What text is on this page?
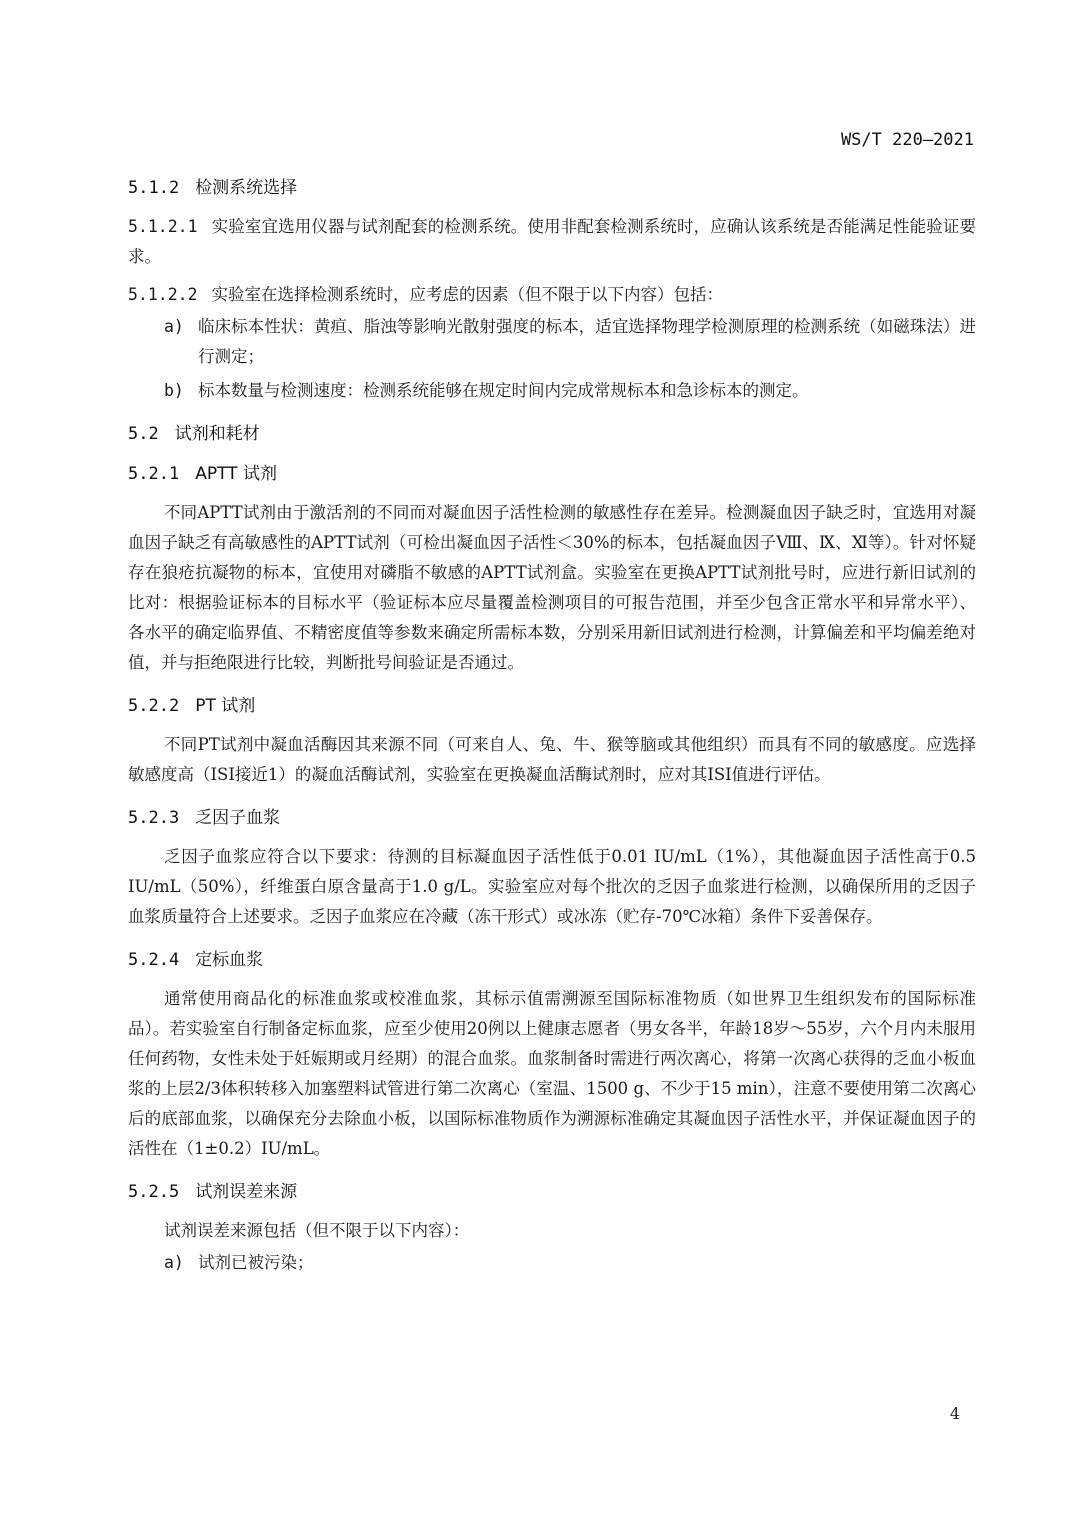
WS/T 220—2021
5.1.2 检测系统选择
5.1.2.1 实验室宜选用仪器与试剂配套的检测系统。使用非配套检测系统时，应确认该系统是否能满足性能验证要求。
5.1.2.2 实验室在选择检测系统时，应考虑的因素（但不限于以下内容）包括：
a) 临床标本性状：黄疸、脂浊等影响光散射强度的标本，适宜选择物理学检测原理的检测系统（如磁珠法）进行测定；
b) 标本数量与检测速度：检测系统能够在规定时间内完成常规标本和急诊标本的测定。
5.2 试剂和耗材
5.2.1 APTT 试剂
不同APTT试剂由于激活剂的不同而对凝血因子活性检测的敏感性存在差异。检测凝血因子缺乏时，宜选用对凝血因子缺乏有高敏感性的APTT试剂（可检出凝血因子活性＜30%的标本，包括凝血因子Ⅷ、Ⅸ、Ⅺ等）。针对怀疑存在狼疮抗凝物的标本，宜使用对磷脂不敏感的APTT试剂盒。实验室在更换APTT试剂批号时，应进行新旧试剂的比对：根据验证标本的目标水平（验证标本应尽量覆盖检测项目的可报告范围，并至少包含正常水平和异常水平）、各水平的确定临界值、不精密度值等参数来确定所需标本数，分别采用新旧试剂进行检测，计算偏差和平均偏差绝对值，并与拒绝限进行比较，判断批号间验证是否通过。
5.2.2 PT 试剂
不同PT试剂中凝血活酶因其来源不同（可来自人、兔、牛、猴等脑或其他组织）而具有不同的敏感度。应选择敏感度高（ISI接近1）的凝血活酶试剂，实验室在更换凝血活酶试剂时，应对其ISI值进行评估。
5.2.3 乏因子血浆
乏因子血浆应符合以下要求：待测的目标凝血因子活性低于0.01 IU/mL（1%），其他凝血因子活性高于0.5 IU/mL（50%），纤维蛋白原含量高于1.0 g/L。实验室应对每个批次的乏因子血浆进行检测，以确保所用的乏因子血浆质量符合上述要求。乏因子血浆应在冷藏（冻干形式）或冰冻（贮存-70℃冰箱）条件下妥善保存。
5.2.4 定标血浆
通常使用商品化的标准血浆或校准血浆，其标示值需溯源至国际标准物质（如世界卫生组织发布的国际标准品）。若实验室自行制备定标血浆，应至少使用20例以上健康志愿者（男女各半，年龄18岁～55岁，六个月内未服用任何药物，女性未处于妊娠期或月经期）的混合血浆。血浆制备时需进行两次离心，将第一次离心获得的乏血小板血浆的上层2/3体积转移入加塞塑料试管进行第二次离心（室温、1500 g、不少于15 min），注意不要使用第二次离心后的底部血浆，以确保充分去除血小板，以国际标准物质作为溯源标准确定其凝血因子活性水平，并保证凝血因子的活性在（1±0.2）IU/mL。
5.2.5 试剂误差来源
试剂误差来源包括（但不限于以下内容）：
a) 试剂已被污染；
4
